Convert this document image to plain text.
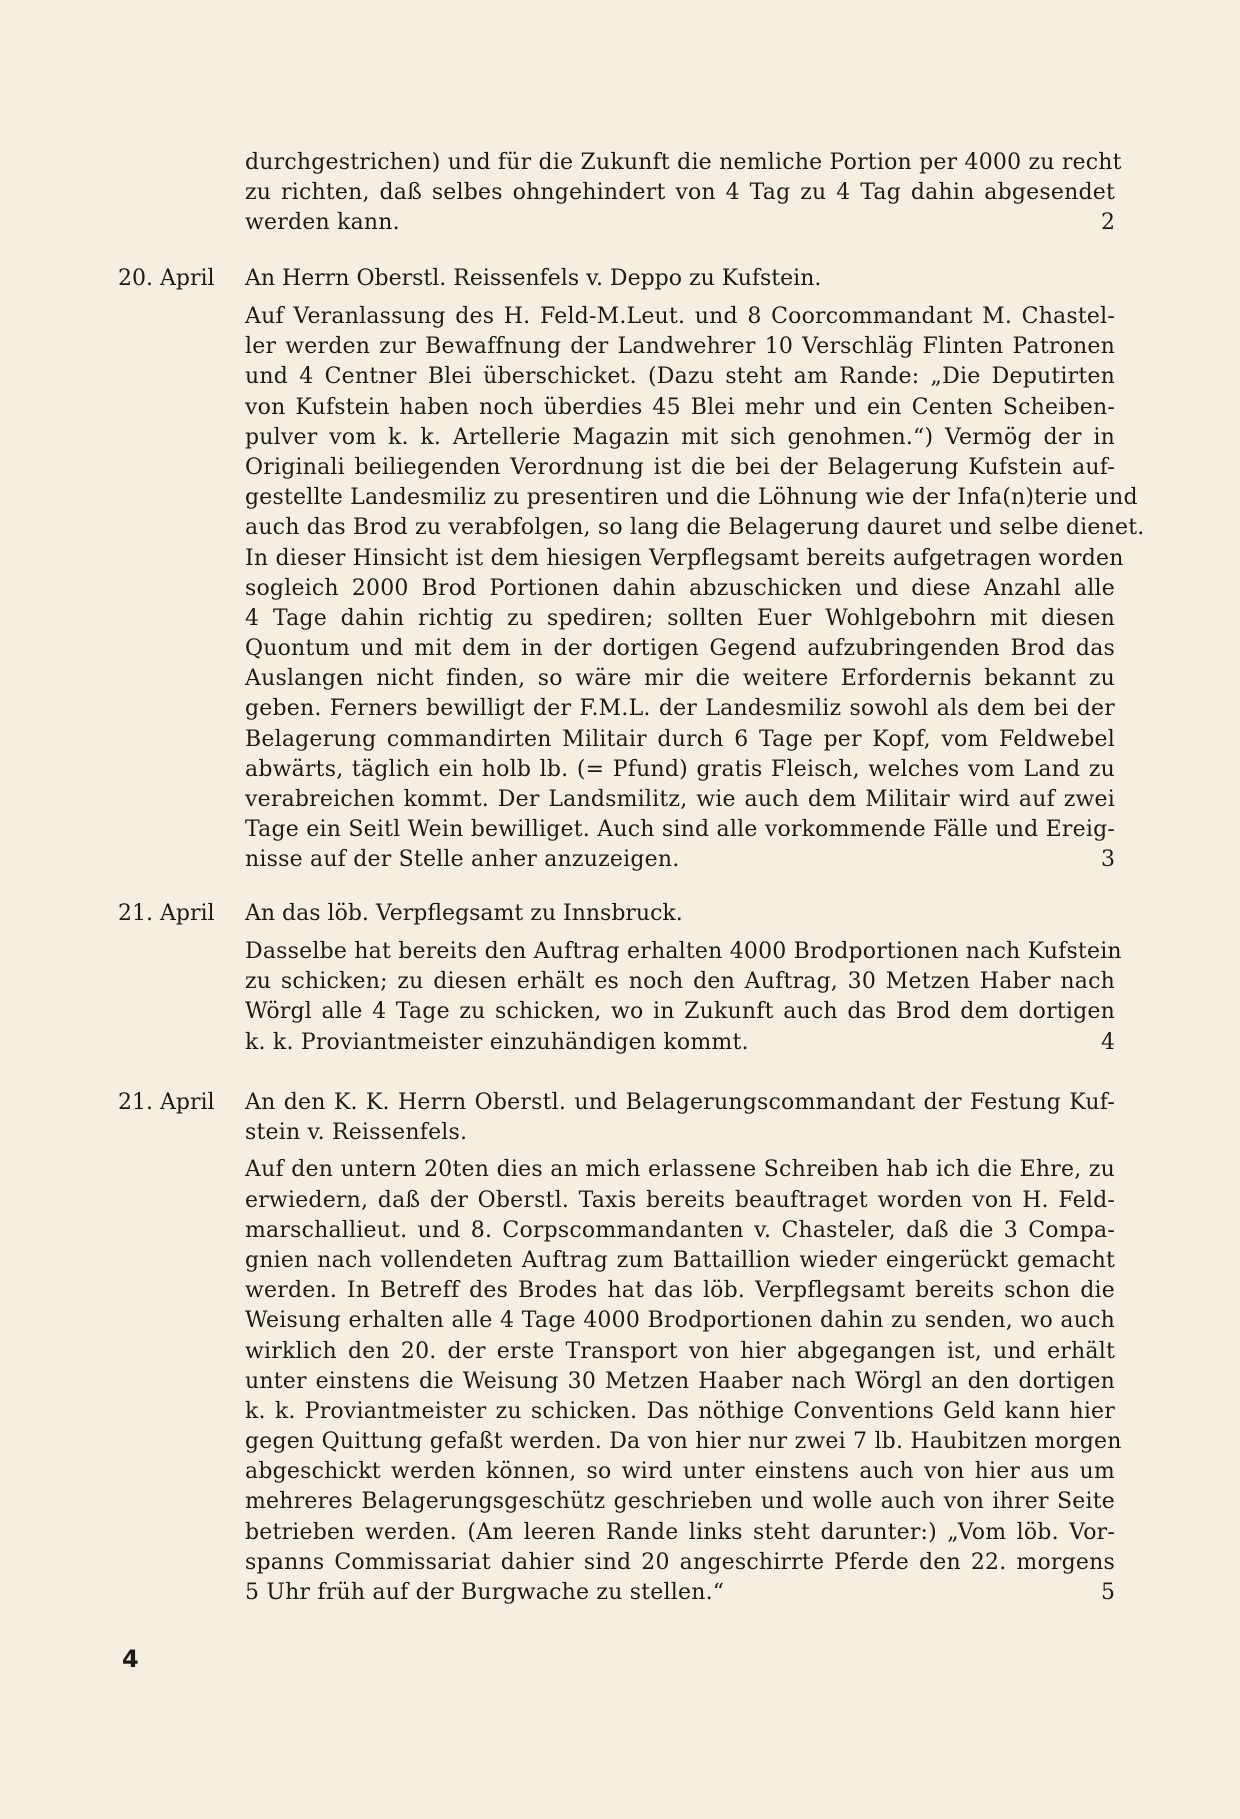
durchgestrichen) und für die Zukunft die nemliche Portion per 4000 zu recht
zu richten, daß selbes ohngehindert von 4 Tag zu 4 Tag dahin abgesendet
werden kann.	2
20. April An Herrn Oberstl. Reissenfels v. Deppo zu Kufstein.
Auf Veranlassung des H. Feld-M.Leut. und 8 Coorcommandant M. Chastel-
ler werden zur Bewaffnung der Landwehrer 10 Verschläg Flinten Patronen
und 4 Centner Blei überschicket. (Dazu steht am Rande: „Die Deputirten
von Kufstein haben noch überdies 45 Blei mehr und ein Centen Scheiben-
pulver vom k. k. Artellerie Magazin mit sich genohmen.“) Vermög der in
Originali beiliegenden Verordnung ist die bei der Belagerung Kufstein auf-
gestellte Landesmiliz zu presentiren und die Löhnung wie der Infa(n)terie und
auch das Brod zu verabfolgen, so lang die Belagerung dauret und selbe dienet.
In dieser Hinsicht ist dem hiesigen Verpflegsamt bereits aufgetragen worden
sogleich 2000 Brod Portionen dahin abzuschicken und diese Anzahl alle
4 Tage dahin richtig zu spediren; sollten Euer Wohlgebohrn mit diesen
Quontum und mit dem in der dortigen Gegend aufzubringenden Brod das
Auslangen nicht finden, so wäre mir die weitere Erfordernis bekannt zu
geben. Ferners bewilligt der F.M.L. der Landesmiliz sowohl als dem bei der
Belagerung commandirten Militair durch 6 Tage per Kopf, vom Feldwebel
abwärts, täglich ein holb lb. (= Pfund) gratis Fleisch, welches vom Land zu
verabreichen kommt. Der Landsmilitz, wie auch dem Militair wird auf zwei
Tage ein Seitl Wein bewilliget. Auch sind alle vorkommende Fälle und Ereig-
nisse auf der Stelle anher anzuzeigen.	3
21. April An das löb. Verpflegsamt zu Innsbruck.
Dasselbe hat bereits den Auftrag erhalten 4000 Brodportionen nach Kufstein
zu schicken; zu diesen erhält es noch den Auftrag, 30 Metzen Haber nach
Wörgl alle 4 Tage zu schicken, wo in Zukunft auch das Brod dem dortigen
k. k. Proviantmeister einzuhändigen kommt.	4
21. April An den K. K. Herrn Oberstl. und Belagerungscommandant der Festung Kuf-
stein v. Reissenfels.
Auf den untern 20ten dies an mich erlassene Schreiben hab ich die Ehre, zu
erwiedern, daß der Oberstl. Taxis bereits beauftraget worden von H. Feld-
marschallieut. und 8. Corpscommandanten v. Chasteler, daß die 3 Compa-
gnien nach vollendeten Auftrag zum Battaillion wieder eingerückt gemacht
werden. In Betreff des Brodes hat das löb. Verpflegsamt bereits schon die
Weisung erhalten alle 4 Tage 4000 Brodportionen dahin zu senden, wo auch
wirklich den 20. der erste Transport von hier abgegangen ist, und erhält
unter einstens die Weisung 30 Metzen Haaber nach Wörgl an den dortigen
k. k. Proviantmeister zu schicken. Das nöthige Conventions Geld kann hier
gegen Quittung gefaßt werden. Da von hier nur zwei 7 lb. Haubitzen morgen
abgeschickt werden können, so wird unter einstens auch von hier aus um
mehreres Belagerungsgeschütz geschrieben und wolle auch von ihrer Seite
betrieben werden. (Am leeren Rande links steht darunter:) „Vom löb. Vor-
spanns Commissariat dahier sind 20 angeschirrte Pferde den 22. morgens
5 Uhr früh auf der Burgwache zu stellen.“	5
4
